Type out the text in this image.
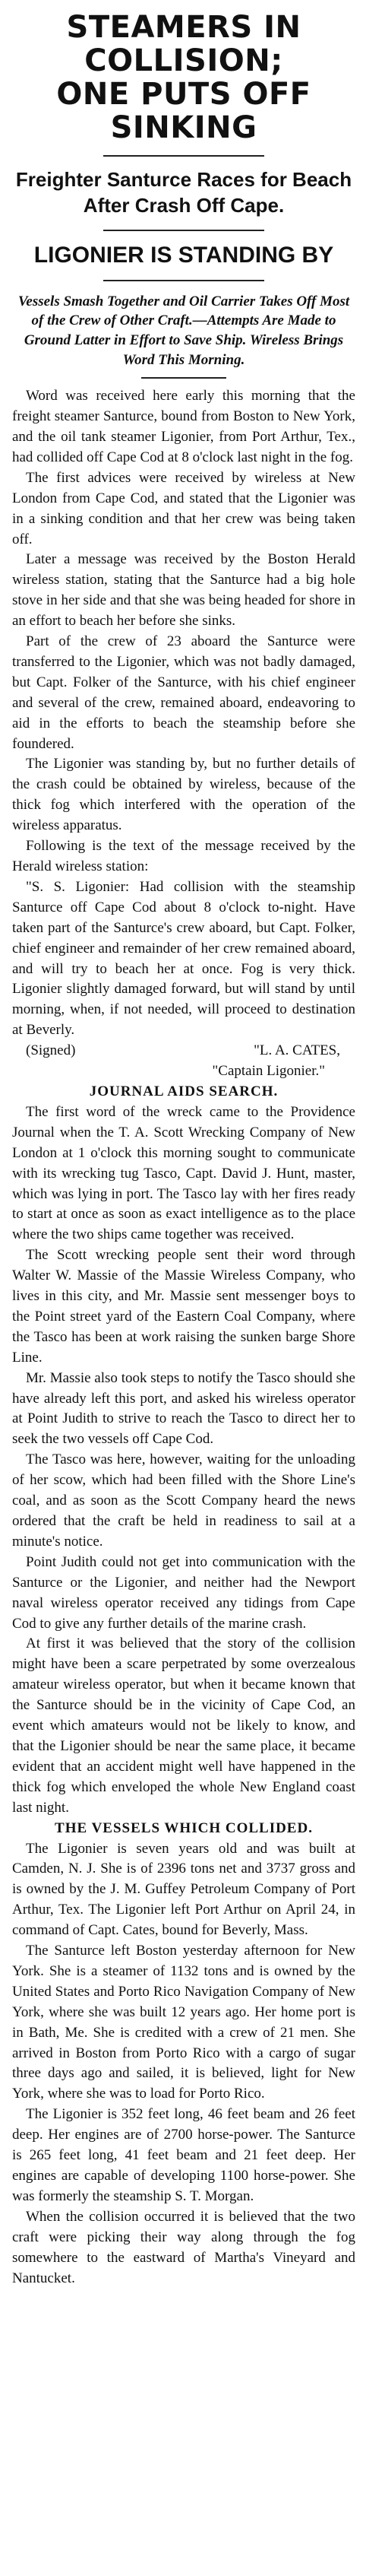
STEAMERS IN COLLISION;
ONE PUTS OFF SINKING
Freighter Santurce Races for Beach After Crash Off Cape.
LIGONIER IS STANDING BY
Vessels Smash Together and Oil Carrier Takes Off Most of the Crew of Other Craft.—Attempts Are Made to Ground Latter in Effort to Save Ship. Wireless Brings Word This Morning.

Word was received here early this morning that the freight steamer Santurce, bound from Boston to New York, and the oil tank steamer Ligonier, from Port Arthur, Tex., had collided off Cape Cod at 8 o'clock last night in the fog.

The first advices were received by wireless at New London from Cape Cod, and stated that the Ligonier was in a sinking condition and that her crew was being taken off.

Later a message was received by the Boston Herald wireless station, stating that the Santurce had a big hole stove in her side and that she was being headed for shore in an effort to beach her before she sinks.

Part of the crew of 23 aboard the Santurce were transferred to the Ligonier, which was not badly damaged, but Capt. Folker of the Santurce, with his chief engineer and several of the crew, remained aboard, endeavoring to aid in the efforts to beach the steamship before she foundered.

The Ligonier was standing by, but no further details of the crash could be obtained by wireless, because of the thick fog which interfered with the operation of the wireless apparatus.

Following is the text of the message received by the Herald wireless station:

"S. S. Ligonier: Had collision with the steamship Santurce off Cape Cod about 8 o'clock to-night. Have taken part of the Santurce's crew aboard, but Capt. Folker, chief engineer and remainder of her crew remained aboard, and will try to beach her at once. Fog is very thick. Ligonier slightly damaged forward, but will stand by until morning, when, if not needed, will proceed to destination at Beverly.

(Signed)	"L. A. CATES,
"Captain Ligonier."
JOURNAL AIDS SEARCH.

The first word of the wreck came to the Providence Journal when the T. A. Scott Wrecking Company of New London at 1 o'clock this morning sought to communicate with its wrecking tug Tasco, Capt. David J. Hunt, master, which was lying in port. The Tasco lay with her fires ready to start at once as soon as exact intelligence as to the place where the two ships came together was received.

The Scott wrecking people sent their word through Walter W. Massie of the Massie Wireless Company, who lives in this city, and Mr. Massie sent messenger boys to the Point street yard of the Eastern Coal Company, where the Tasco has been at work raising the sunken barge Shore Line.

Mr. Massie also took steps to notify the Tasco should she have already left this port, and asked his wireless operator at Point Judith to strive to reach the Tasco to direct her to seek the two vessels off Cape Cod.

The Tasco was here, however, waiting for the unloading of her scow, which had been filled with the Shore Line's coal, and as soon as the Scott Company heard the news ordered that the craft be held in readiness to sail at a minute's notice.

Point Judith could not get into communication with the Santurce or the Ligonier, and neither had the Newport naval wireless operator received any tidings from Cape Cod to give any further details of the marine crash.

At first it was believed that the story of the collision might have been a scare perpetrated by some overzealous amateur wireless operator, but when it became known that the Santurce should be in the vicinity of Cape Cod, an event which amateurs would not be likely to know, and that the Ligonier should be near the same place, it became evident that an accident might well have happened in the thick fog which enveloped the whole New England coast last night.

THE VESSELS WHICH COLLIDED.

The Ligonier is seven years old and was built at Camden, N. J. She is of 2396 tons net and 3737 gross and is owned by the J. M. Guffey Petroleum Company of Port Arthur, Tex. The Ligonier left Port Arthur on April 24, in command of Capt. Cates, bound for Beverly, Mass.

The Santurce left Boston yesterday afternoon for New York. She is a steamer of 1132 tons and is owned by the United States and Porto Rico Navigation Company of New York, where she was built 12 years ago. Her home port is in Bath, Me. She is credited with a crew of 21 men. She arrived in Boston from Porto Rico with a cargo of sugar three days ago and sailed, it is believed, light for New York, where she was to load for Porto Rico.

The Ligonier is 352 feet long, 46 feet beam and 26 feet deep. Her engines are of 2700 horse-power. The Santurce is 265 feet long, 41 feet beam and 21 feet deep. Her engines are capable of developing 1100 horse-power. She was formerly the steamship S. T. Morgan.

When the collision occurred it is believed that the two craft were picking their way along through the fog somewhere to the eastward of Martha's Vineyard and Nantucket.
